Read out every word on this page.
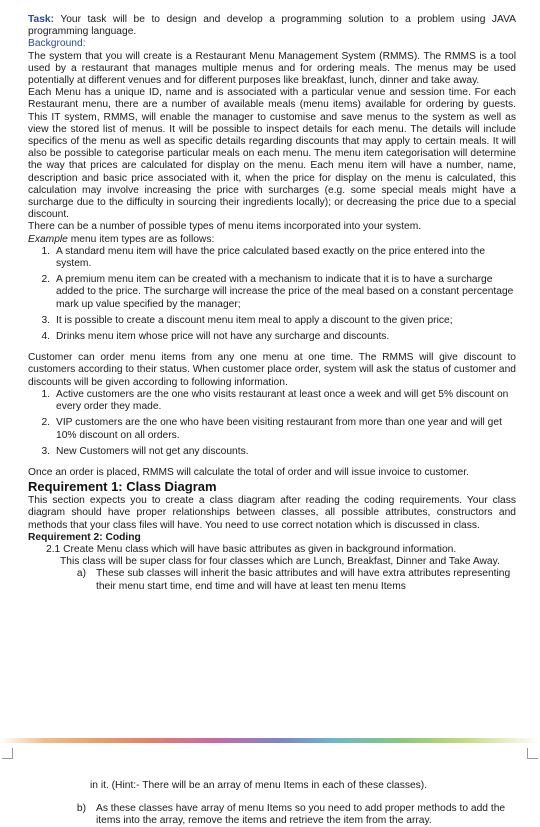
Task: Your task will be to design and develop a programming solution to a problem using JAVA programming language.

Background:

The system that you will create is a Restaurant Menu Management System (RMMS). The RMMS is a tool used by a restaurant that manages multiple menus and for ordering meals. The menus may be used potentially at different venues and for different purposes like breakfast, lunch, dinner and take away.

Each Menu has a unique ID, name and is associated with a particular venue and session time. For each Restaurant menu, there are a number of available meals (menu items) available for ordering by guests. This IT system, RMMS, will enable the manager to customise and save menus to the system as well as view the stored list of menus. It will be possible to inspect details for each menu. The details will include specifics of the menu as well as specific details regarding discounts that may apply to certain meals. It will also be possible to categorise particular meals on each menu. The menu item categorisation will determine the way that prices are calculated for display on the menu. Each menu item will have a number, name, description and basic price associated with it, when the price for display on the menu is calculated, this calculation may involve increasing the price with surcharges (e.g. some special meals might have a surcharge due to the difficulty in sourcing their ingredients locally); or decreasing the price due to a special discount.

There can be a number of possible types of menu items incorporated into your system.

Example menu item types are as follows:

1. A standard menu item will have the price calculated based exactly on the price entered into the system.
2. A premium menu item can be created with a mechanism to indicate that it is to have a surcharge added to the price. The surcharge will increase the price of the meal based on a constant percentage mark up value specified by the manager;
3. It is possible to create a discount menu item meal to apply a discount to the given price;
4. Drinks menu item whose price will not have any surcharge and discounts.

Customer can order menu items from any one menu at one time. The RMMS will give discount to customers according to their status. When customer place order, system will ask the status of customer and discounts will be given according to following information.

1. Active customers are the one who visits restaurant at least once a week and will get 5% discount on every order they made.
2. VIP customers are the one who have been visiting restaurant from more than one year and will get 10% discount on all orders.
3. New Customers will not get any discounts.

Once an order is placed, RMMS will calculate the total of order and will issue invoice to customer.

Requirement 1: Class Diagram

This section expects you to create a class diagram after reading the coding requirements. Your class diagram should have proper relationships between classes, all possible attributes, constructors and methods that your class files will have. You need to use correct notation which is discussed in class.

Requirement 2: Coding

2.1 Create Menu class which will have basic attributes as given in background information.

This class will be super class for four classes which are Lunch, Breakfast, Dinner and Take Away.

a) These sub classes will inherit the basic attributes and will have extra attributes representing their menu start time, end time and will have at least ten menu Items

in it. (Hint:- There will be an array of menu Items in each of these classes).

b) As these classes have array of menu Items so you need to add proper methods to add the items into the array, remove the items and retrieve the item from the array.
